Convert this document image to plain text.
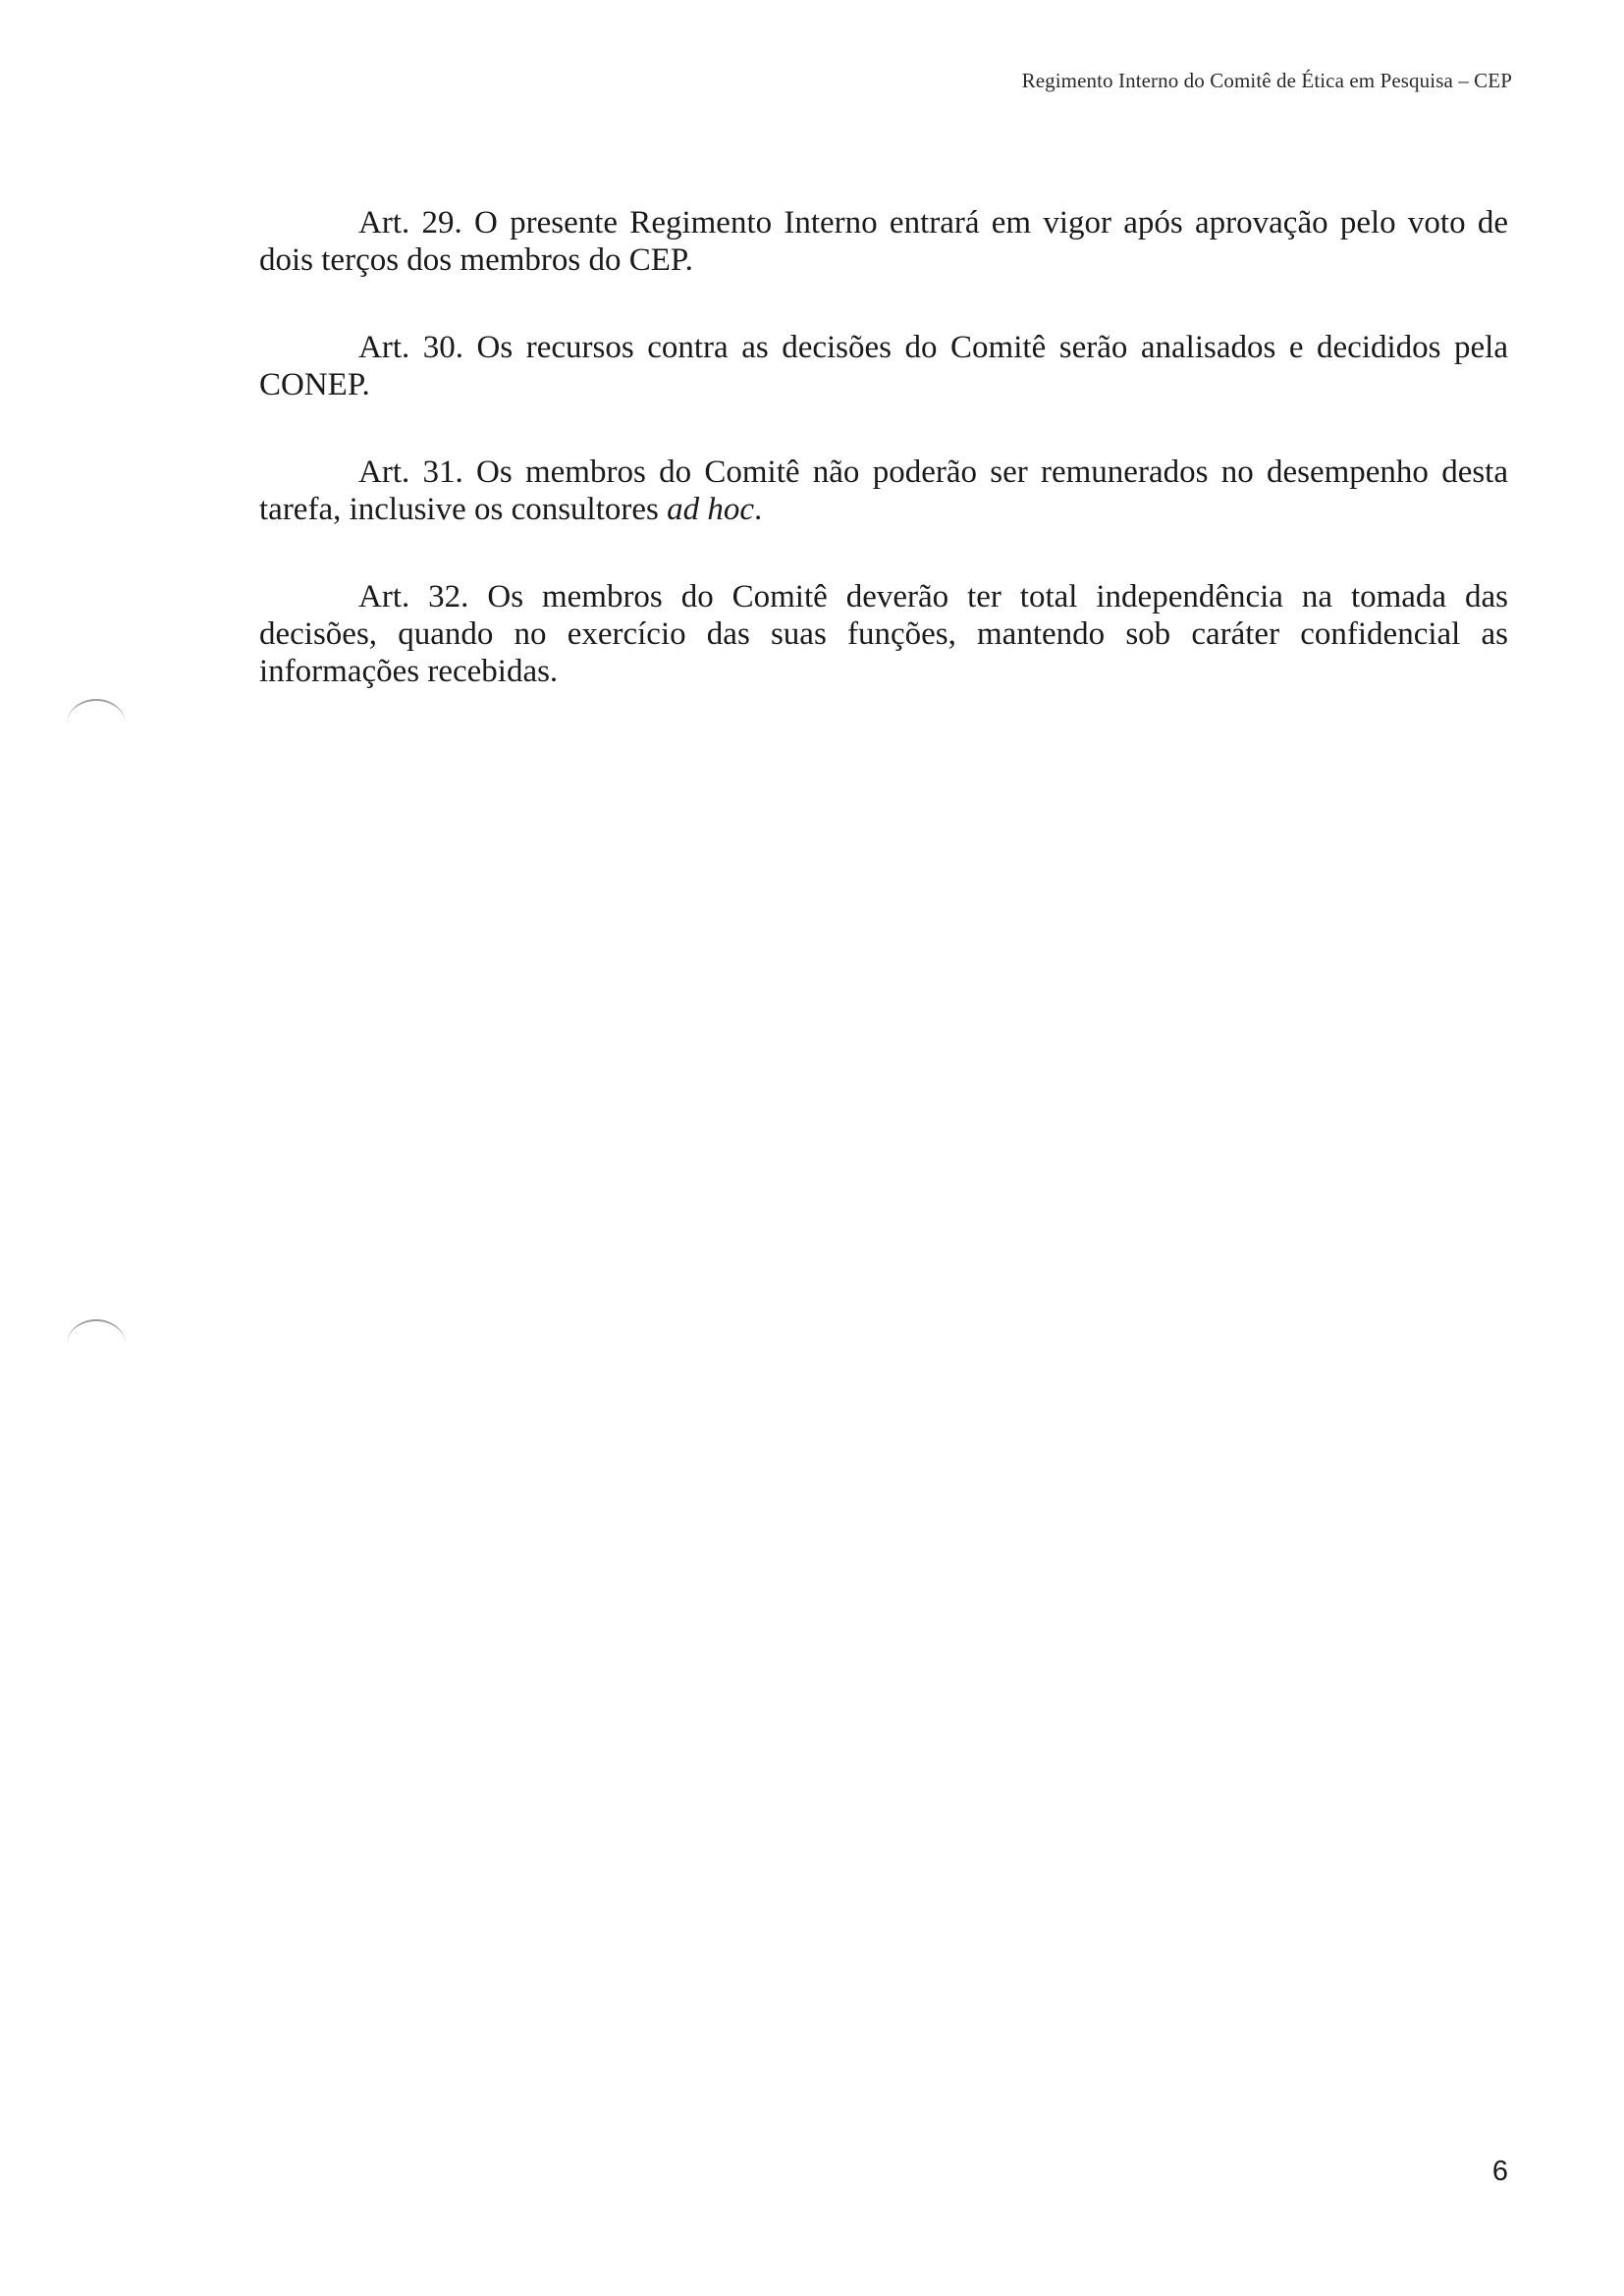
Regimento Interno do Comitê de Ética em Pesquisa – CEP

Art. 29. O presente Regimento Interno entrará em vigor após aprovação pelo voto de dois terços dos membros do CEP.

Art. 30. Os recursos contra as decisões do Comitê serão analisados e decididos pela CONEP.

Art. 31. Os membros do Comitê não poderão ser remunerados no desempenho desta tarefa, inclusive os consultores ad hoc.

Art. 32. Os membros do Comitê deverão ter total independência na tomada das decisões, quando no exercício das suas funções, mantendo sob caráter confidencial as informações recebidas.

6
